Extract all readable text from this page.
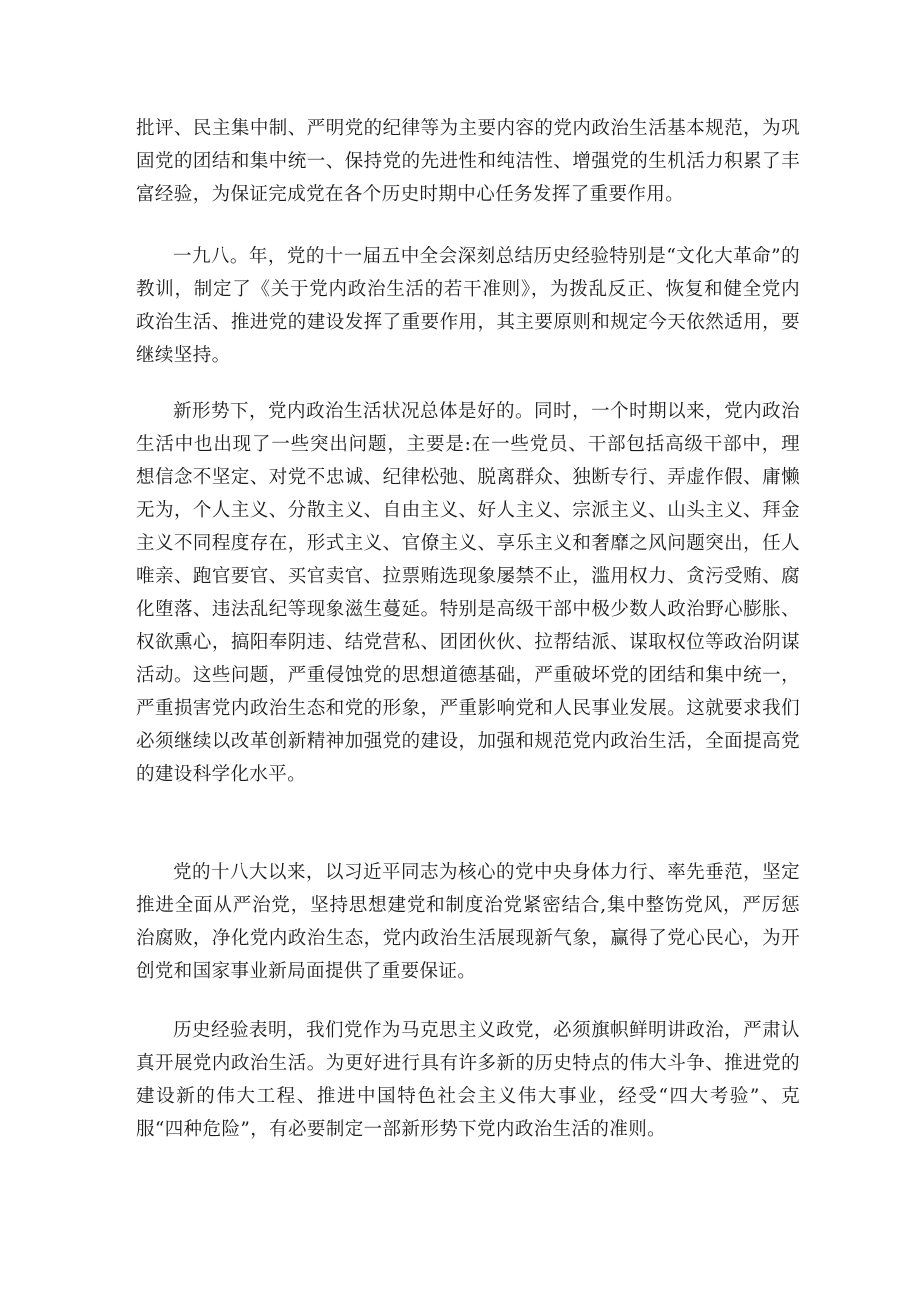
批评、民主集中制、严明党的纪律等为主要内容的党内政治生活基本规范，为巩固党的团结和集中统一、保持党的先进性和纯洁性、增强党的生机活力积累了丰富经验，为保证完成党在各个历史时期中心任务发挥了重要作用。

一九八。年，党的十一届五中全会深刻总结历史经验特别是“文化大革命”的教训，制定了《关于党内政治生活的若干准则》，为拨乱反正、恢复和健全党内政治生活、推进党的建设发挥了重要作用，其主要原则和规定今天依然适用，要继续坚持。

新形势下，党内政治生活状况总体是好的。同时，一个时期以来，党内政治生活中也出现了一些突出问题，主要是:在一些党员、干部包括高级干部中，理想信念不坚定、对党不忠诚、纪律松弛、脱离群众、独断专行、弄虚作假、庸懒无为，个人主义、分散主义、自由主义、好人主义、宗派主义、山头主义、拜金主义不同程度存在，形式主义、官僚主义、享乐主义和奢靡之风问题突出，任人唯亲、跑官要官、买官卖官、拉票贿选现象屡禁不止，滥用权力、贪污受贿、腐化堕落、违法乱纪等现象滋生蔓延。特别是高级干部中极少数人政治野心膨胀、权欲熏心，搞阳奉阴违、结党营私、团团伙伙、拉帮结派、谋取权位等政治阴谋活动。这些问题，严重侵蚀党的思想道德基础，严重破坏党的团结和集中统一，严重损害党内政治生态和党的形象，严重影响党和人民事业发展。这就要求我们必须继续以改革创新精神加强党的建设，加强和规范党内政治生活，全面提高党的建设科学化水平。

党的十八大以来，以习近平同志为核心的党中央身体力行、率先垂范，坚定推进全面从严治党，坚持思想建党和制度治党紧密结合,集中整饬党风，严厉惩治腐败，净化党内政治生态，党内政治生活展现新气象，赢得了党心民心，为开创党和国家事业新局面提供了重要保证。

历史经验表明，我们党作为马克思主义政党，必须旗帜鲜明讲政治，严肃认真开展党内政治生活。为更好进行具有许多新的历史特点的伟大斗争、推进党的建设新的伟大工程、推进中国特色社会主义伟大事业，经受“四大考验”、克服“四种危险”，有必要制定一部新形势下党内政治生活的准则。
